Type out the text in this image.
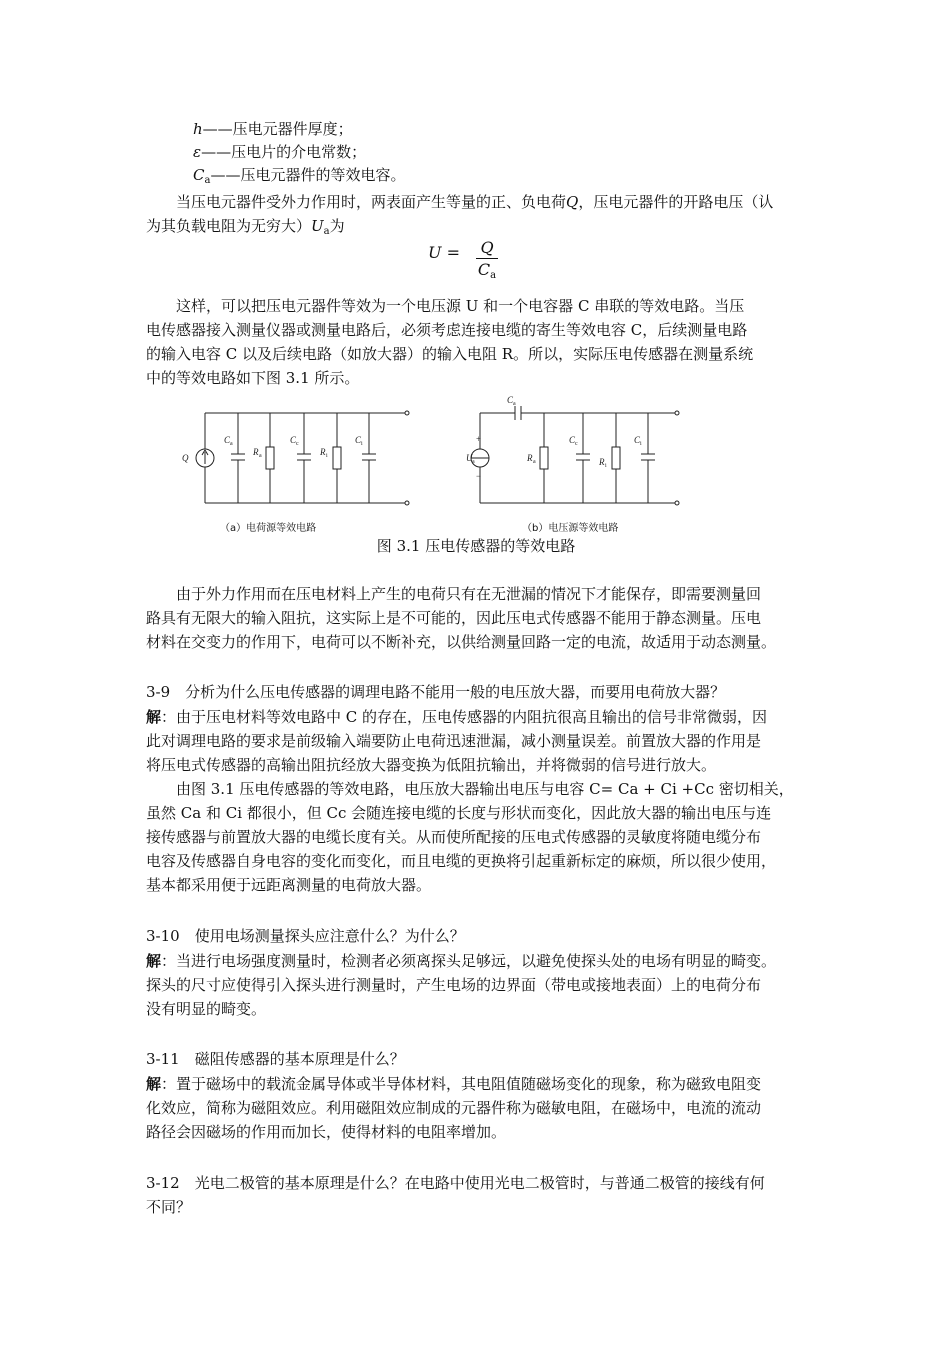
h——压电元器件厚度；
ε——压电片的介电常数；
$C_a——$压电元器件的等效电容。
当压电元器件受外力作用时，两表面产生等量的正、负电荷Q，压电元器件的开路电压（认
为其负载电阻为无穷大）$U_a$为
U = Q
$C_a$
这样，可以把压电元器件等效为一个电压源 U 和一个电容器 C 串联的等效电路。当压
电传感器接入测量仪器或测量电路后，必须考虑连接电缆的寄生等效电容 C，后续测量电路
的输入电容 C 以及后续电路（如放大器）的输入电阻 R。所以，实际压电传感器在测量系统
中的等效电路如下图 3.1 所示。
Q
C a
R a
C c
R i
C i
C a
U a	R a
C c
R i
C i
+
−
（a）电荷源等效电路	（b）电压源等效电路
图 3.1 压电传感器的等效电路
由于外力作用而在压电材料上产生的电荷只有在无泄漏的情况下才能保存，即需要测量回
路具有无限大的输入阻抗，这实际上是不可能的，因此压电式传感器不能用于静态测量。压电
材料在交变力的作用下，电荷可以不断补充，以供给测量回路一定的电流，故适用于动态测量。
3-9　分析为什么压电传感器的调理电路不能用一般的电压放大器，而要用电荷放大器？
解：由于压电材料等效电路中 C 的存在，压电传感器的内阻抗很高且输出的信号非常微弱，因
此对调理电路的要求是前级输入端要防止电荷迅速泄漏，减小测量误差。前置放大器的作用是
将压电式传感器的高输出阻抗经放大器变换为低阻抗输出，并将微弱的信号进行放大。
由图 3.1 压电传感器的等效电路，电压放大器输出电压与电容 C= Ca + Ci +Cc 密切相关，
虽然 Ca 和 Ci 都很小，但 Cc 会随连接电缆的长度与形状而变化，因此放大器的输出电压与连
接传感器与前置放大器的电缆长度有关。从而使所配接的压电式传感器的灵敏度将随电缆分布
电容及传感器自身电容的变化而变化，而且电缆的更换将引起重新标定的麻烦，所以很少使用，
基本都采用便于远距离测量的电荷放大器。
3-10　使用电场测量探头应注意什么？为什么？
解：当进行电场强度测量时，检测者必须离探头足够远，以避免使探头处的电场有明显的畸变。
探头的尺寸应使得引入探头进行测量时，产生电场的边界面（带电或接地表面）上的电荷分布
没有明显的畸变。
3-11　磁阻传感器的基本原理是什么？
解：置于磁场中的载流金属导体或半导体材料，其电阻值随磁场变化的现象，称为磁致电阻变
化效应，简称为磁阻效应。利用磁阻效应制成的元器件称为磁敏电阻，在磁场中，电流的流动
路径会因磁场的作用而加长，使得材料的电阻率增加。
3-12　光电二极管的基本原理是什么？在电路中使用光电二极管时，与普通二极管的接线有何
不同？
